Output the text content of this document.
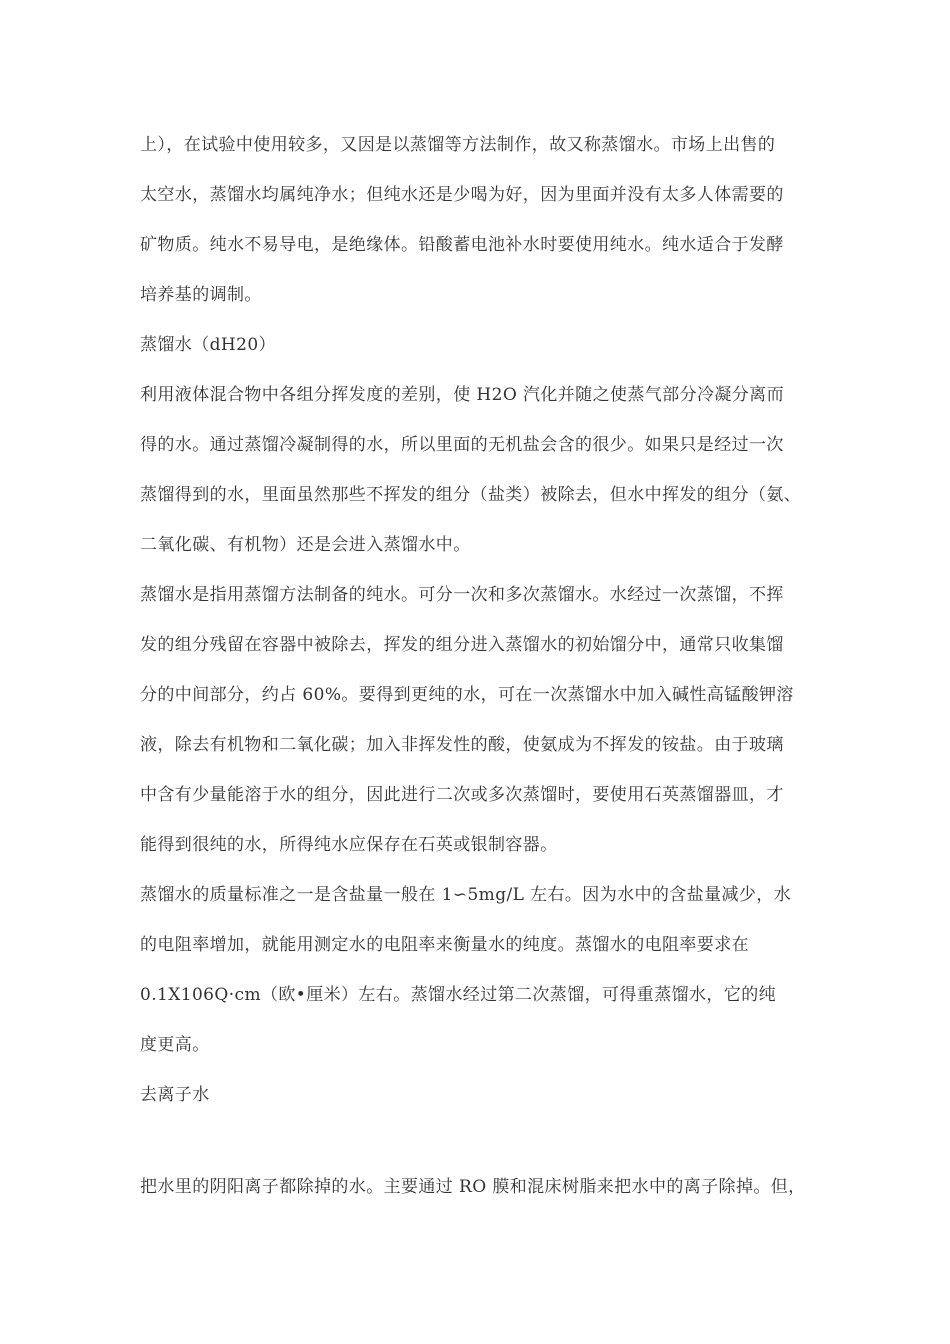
上），在试验中使用较多，又因是以蒸馏等方法制作，故又称蒸馏水。市场上出售的
太空水，蒸馏水均属纯净水；但纯水还是少喝为好，因为里面并没有太多人体需要的
矿物质。纯水不易导电，是绝缘体。铅酸蓄电池补水时要使用纯水。纯水适合于发酵
培养基的调制。
蒸馏水（dH20）
利用液体混合物中各组分挥发度的差别，使 H2O 汽化并随之使蒸气部分冷凝分离而
得的水。通过蒸馏冷凝制得的水，所以里面的无机盐会含的很少。如果只是经过一次
蒸馏得到的水，里面虽然那些不挥发的组分（盐类）被除去，但水中挥发的组分（氨、
二氧化碳、有机物）还是会进入蒸馏水中。
蒸馏水是指用蒸馏方法制备的纯水。可分一次和多次蒸馏水。水经过一次蒸馏，不挥
发的组分残留在容器中被除去，挥发的组分进入蒸馏水的初始馏分中，通常只收集馏
分的中间部分，约占 60%。要得到更纯的水，可在一次蒸馏水中加入碱性高锰酸钾溶
液，除去有机物和二氧化碳；加入非挥发性的酸，使氨成为不挥发的铵盐。由于玻璃
中含有少量能溶于水的组分，因此进行二次或多次蒸馏时，要使用石英蒸馏器皿，才
能得到很纯的水，所得纯水应保存在石英或银制容器。
蒸馏水的质量标准之一是含盐量一般在 1∽5mg/L 左右。因为水中的含盐量减少，水
的电阻率增加，就能用测定水的电阻率来衡量水的纯度。蒸馏水的电阻率要求在
0.1X106Q·cm（欧•厘米）左右。蒸馏水经过第二次蒸馏，可得重蒸馏水，它的纯
度更高。
去离子水
把水里的阴阳离子都除掉的水。主要通过 RO 膜和混床树脂来把水中的离子除掉。但，
